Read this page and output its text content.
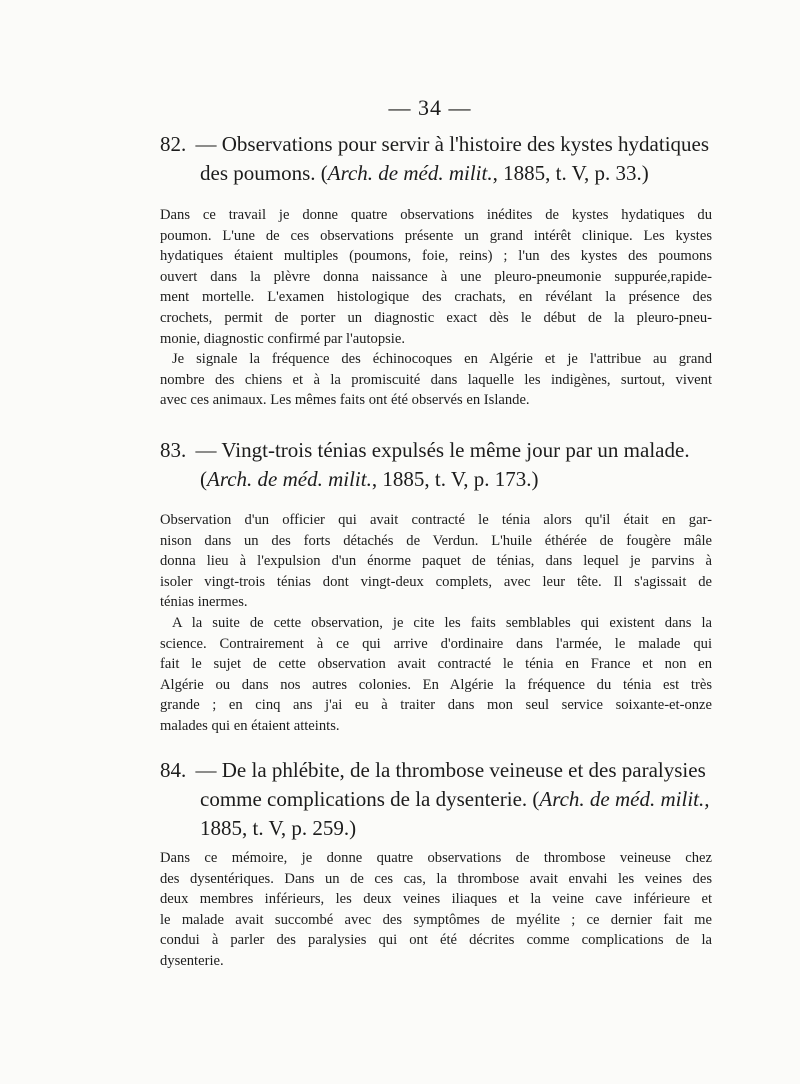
— 34 —
82. — Observations pour servir à l'histoire des kystes hydatiques
des poumons. (Arch. de méd. milit., 1885, t. V, p. 33.)
Dans ce travail je donne quatre observations inédites de kystes hydatiques du
poumon. L'une de ces observations présente un grand intérêt clinique. Les kystes
hydatiques étaient multiples (poumons, foie, reins) ; l'un des kystes des poumons
ouvert dans la plèvre donna naissance à une pleuro-pneumonie suppurée,rapide-
ment mortelle. L'examen histologique des crachats, en révélant la présence des
crochets, permit de porter un diagnostic exact dès le début de la pleuro-pneu-
monie, diagnostic confirmé par l'autopsie.
Je signale la fréquence des échinocoques en Algérie et je l'attribue au grand
nombre des chiens et à la promiscuité dans laquelle les indigènes, surtout, vivent
avec ces animaux. Les mêmes faits ont été observés en Islande.
83. — Vingt-trois ténias expulsés le même jour par un malade.
(Arch. de méd. milit., 1885, t. V, p. 173.)
Observation d'un officier qui avait contracté le ténia alors qu'il était en gar-
nison dans un des forts détachés de Verdun. L'huile éthérée de fougère mâle
donna lieu à l'expulsion d'un énorme paquet de ténias, dans lequel je parvins à
isoler vingt-trois ténias dont vingt-deux complets, avec leur tête. Il s'agissait de
ténias inermes.
A la suite de cette observation, je cite les faits semblables qui existent dans la
science. Contrairement à ce qui arrive d'ordinaire dans l'armée, le malade qui
fait le sujet de cette observation avait contracté le ténia en France et non en
Algérie ou dans nos autres colonies. En Algérie la fréquence du ténia est très
grande ; en cinq ans j'ai eu à traiter dans mon seul service soixante-et-onze
malades qui en étaient atteints.
84. — De la phlébite, de la thrombose veineuse et des paralysies
comme complications de la dysenterie. (Arch. de méd. milit.,
1885, t. V, p. 259.)
Dans ce mémoire, je donne quatre observations de thrombose veineuse chez
des dysentériques. Dans un de ces cas, la thrombose avait envahi les veines des
deux membres inférieurs, les deux veines iliaques et la veine cave inférieure et
le malade avait succombé avec des symptômes de myélite ; ce dernier fait me
condui à parler des paralysies qui ont été décrites comme complications de la
dysenterie.
